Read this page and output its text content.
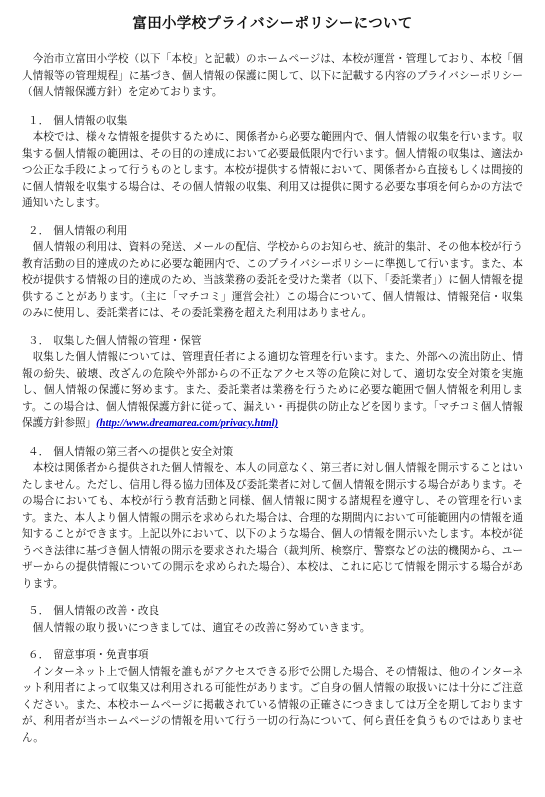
富田小学校プライバシーポリシーについて

今治市立富田小学校（以下「本校」と記載）のホームページは、本校が運営・管理しており、本校「個人情報等の管理規程」に基づき、個人情報の保護に関して、以下に記載する内容のプライバシーポリシー（個人情報保護方針）を定めております。

１． 個人情報の収集

本校では、様々な情報を提供するために、関係者から必要な範囲内で、個人情報の収集を行います。収集する個人情報の範囲は、その目的の達成において必要最低限内で行います。個人情報の収集は、適法かつ公正な手段によって行うものとします。本校が提供する情報において、関係者から直接もしくは間接的に個人情報を収集する場合は、その個人情報の収集、利用又は提供に関する必要な事項を何らかの方法で通知いたします。

２． 個人情報の利用

個人情報の利用は、資料の発送、メールの配信、学校からのお知らせ、統計的集計、その他本校が行う教育活動の目的達成のために必要な範囲内で、このプライバシーポリシーに準拠して行います。また、本校が提供する情報の目的達成のため、当該業務の委託を受けた業者（以下、｢委託業者｣）に個人情報を提供することがあります。（主に「マチコミ」運営会社）この場合について、個人情報は、情報発信・収集のみに使用し、委託業者には、その委託業務を超えた利用はありません。

３． 収集した個人情報の管理・保管

収集した個人情報については、管理責任者による適切な管理を行います。また、外部への流出防止、情報の紛失、破壊、改ざんの危険や外部からの不正なアクセス等の危険に対して、適切な安全対策を実施し、個人情報の保護に努めます。また、委託業者は業務を行うために必要な範囲で個人情報を利用します。この場合は、個人情報保護方針に従って、漏えい・再提供の防止などを図ります。「マチコミ個人情報保護方針参照」(http://www.dreamarea.com/privacy.html)

４． 個人情報の第三者への提供と安全対策

本校は関係者から提供された個人情報を、本人の同意なく、第三者に対し個人情報を開示することはいたしません。ただし、信用し得る協力団体及び委託業者に対して個人情報を開示する場合があります。その場合においても、本校が行う教育活動と同様、個人情報に関する諸規程を遵守し、その管理を行います。また、本人より個人情報の開示を求められた場合は、合理的な期間内において可能範囲内の情報を通知することができます。上記以外において、以下のような場合、個人の情報を開示いたします。本校が従うべき法律に基づき個人情報の開示を要求された場合（裁判所、検察庁、警察などの法的機関から、ユーザーからの提供情報についての開示を求められた場合）、本校は、これに応じて情報を開示する場合があります。

５． 個人情報の改善・改良

個人情報の取り扱いにつきましては、適宜その改善に努めていきます。

６． 留意事項・免責事項

インターネット上で個人情報を誰もがアクセスできる形で公開した場合、その情報は、他のインターネット利用者によって収集又は利用される可能性があります。ご自身の個人情報の取扱いには十分にご注意ください。また、本校ホームページに掲載されている情報の正確さにつきましては万全を期しておりますが、利用者が当ホームページの情報を用いて行う一切の行為について、何ら責任を負うものではありません。
